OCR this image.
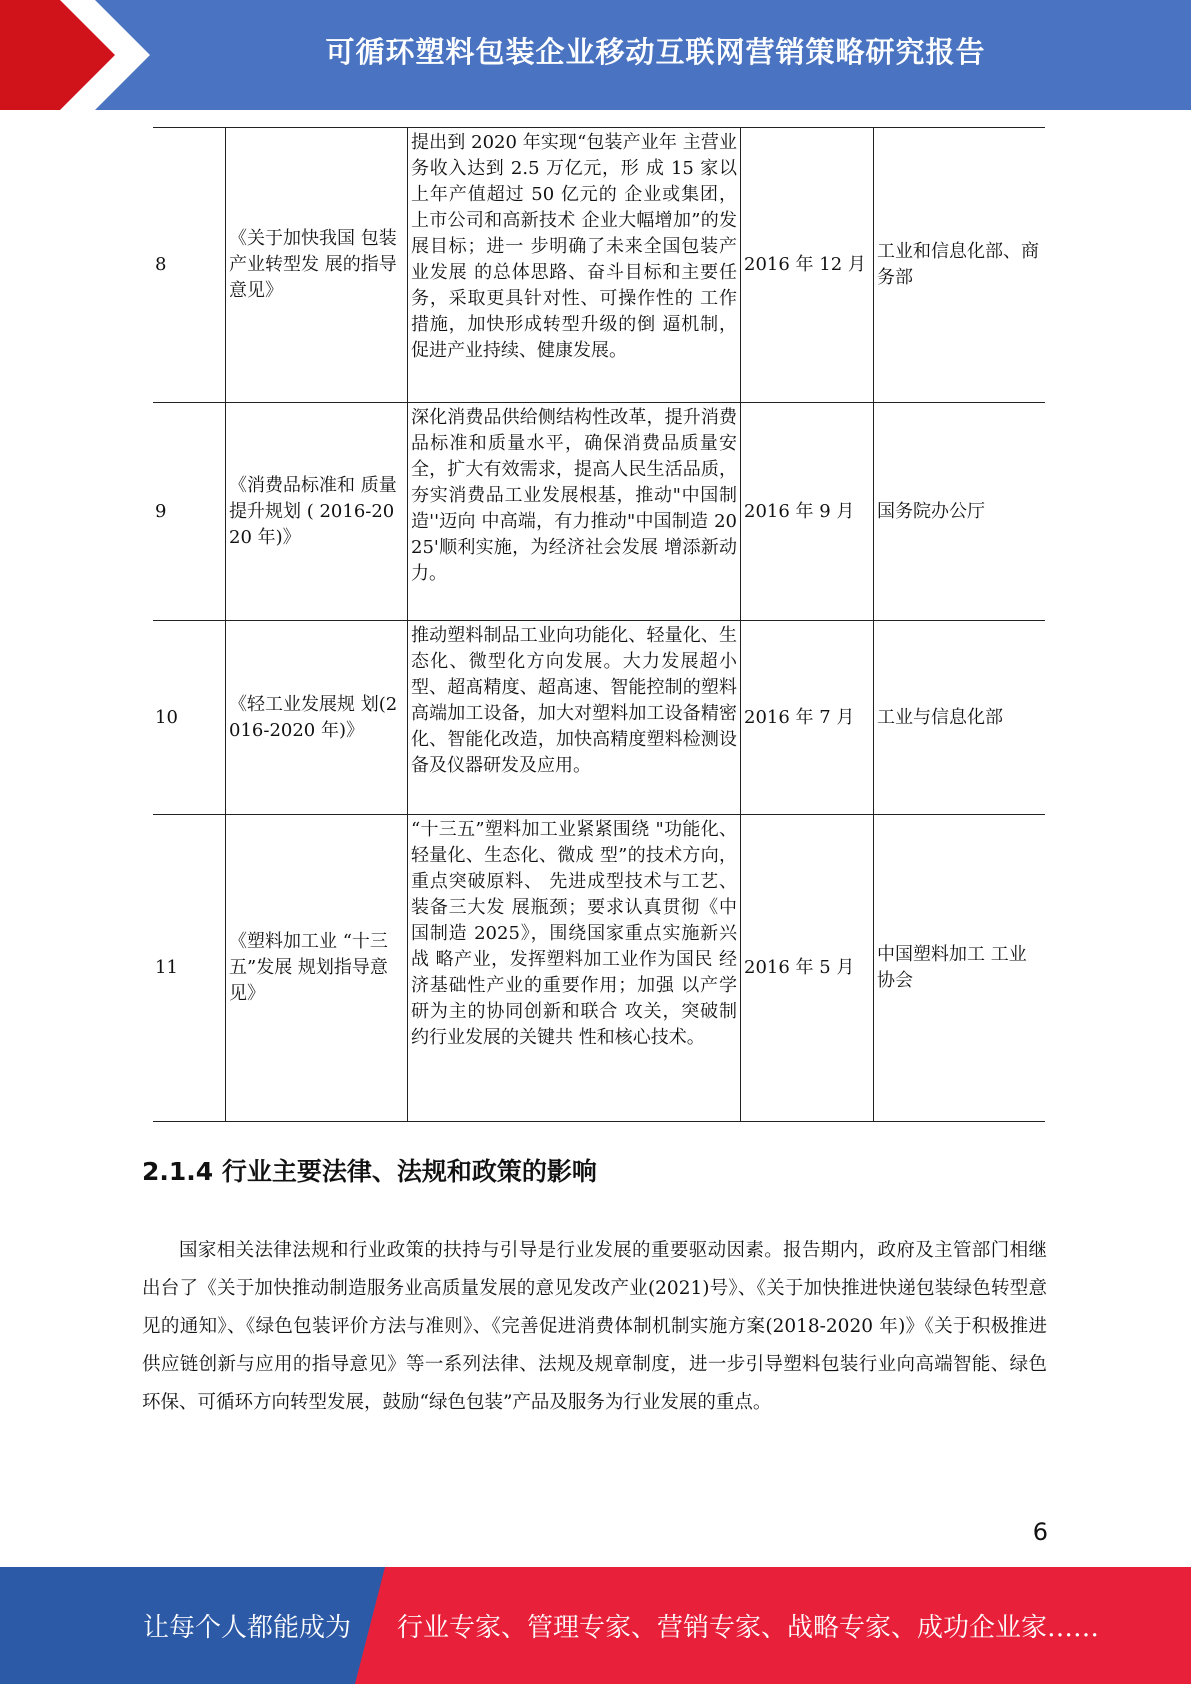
可循环塑料包装企业移动互联网营销策略研究报告
8	《关于加快我国 包装产业转型发 展的指导意见》	提出到 2020 年实现“包装产业年 主营业务收入达到 2.5 万亿元，形 成 15 家以上年产值超过 50 亿元的 企业或集团，上市公司和高新技术 企业大幅增加”的发展目标；进一 步明确了未来全国包装产业发展 的总体思路、奋斗目标和主要任 务，采取更具针对性、可操作性的 工作措施，加快形成转型升级的倒 逼机制，促进产业持续、健康发展。	2016 年 12 月	工业和信息化部、商务部
9	《消费品标准和 质量提升规划 ( 2016-2020 年)》	深化消费品供给侧结构性改革，提升消费品标准和质量水平，确保消费品质量安全，扩大有效需求，提高人民生活品质，夯实消费品工业发展根基，推动"中国制造''迈向 中高端，有力推动"中国制造 2025'顺利实施，为经济社会发展 增添新动力。	2016 年 9 月	国务院办公厅
10	《轻工业发展规 划(2016-2020 年)》	推动塑料制品工业向功能化、轻量化、生态化、微型化方向发展。大力发展超小型、超髙精度、超髙速、智能控制的塑料高端加工设备，加大对塑料加工设备精密化、智能化改造，加快高精度塑料检测设备及仪器研发及应用。	2016 年 7 月	工业与信息化部
11	《塑料加工业 “十三五”发展 规划指导意见》	“十三五”塑料加工业紧紧围绕 "功能化、轻量化、生态化、微成 型”的技术方向，重点突破原料、 先进成型技术与工艺、装备三大发 展瓶颈；要求认真贯彻《中国制造 2025》，围绕国家重点实施新兴战 略产业，发挥塑料加工业作为国民 经济基础性产业的重要作用；加强 以产学研为主的协同创新和联合 攻关，突破制约行业发展的关键共 性和核心技术。	2016 年 5 月	中国塑料加工 工业协会
2.1.4 行业主要法律、法规和政策的影响

国家相关法律法规和行业政策的扶持与引导是行业发展的重要驱动因素。报告期内，政府及主管部门相继出台了《关于加快推动制造服务业高质量发展的意见发改产业(2021)号》、《关于加快推进快递包装绿色转型意见的通知》、《绿色包装评价方法与准则》、《完善促进消费体制机制实施方案(2018-2020 年)》《关于积极推进供应链创新与应用的指导意见》等一系列法律、法规及规章制度，进一步引导塑料包装行业向高端智能、绿色环保、可循环方向转型发展，鼓励“绿色包装”产品及服务为行业发展的重点。

6
让每个人都能成为 行业专家、管理专家、营销专家、战略专家、成功企业家……
